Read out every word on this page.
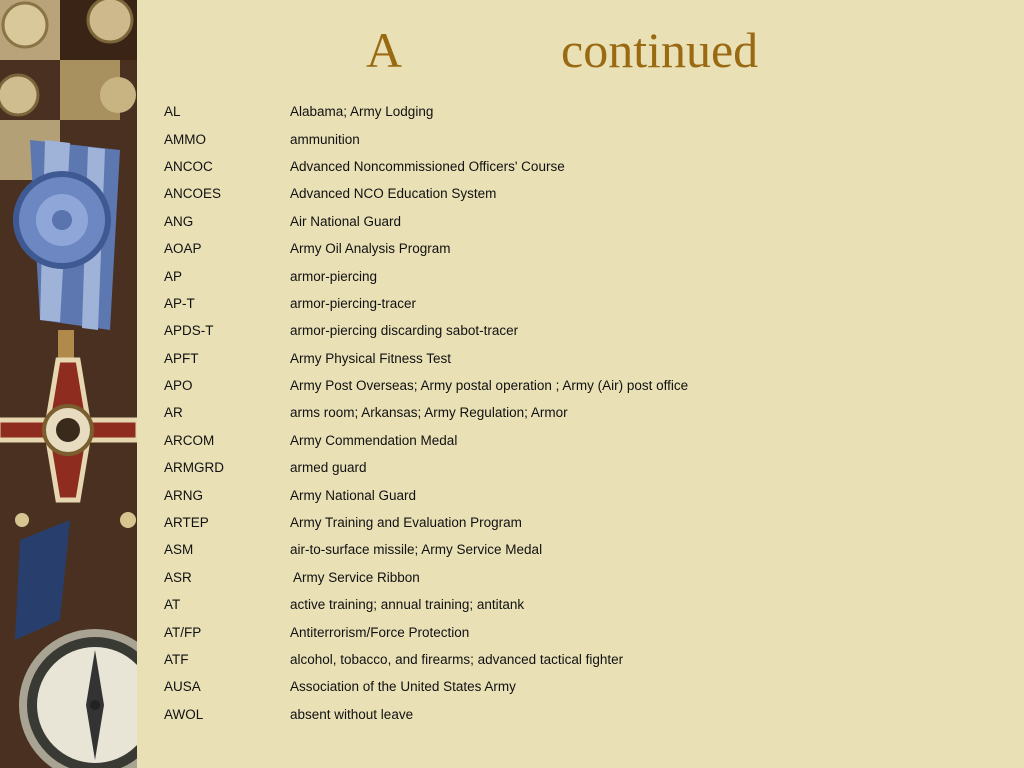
A	continued
AL	Alabama; Army Lodging
AMMO	ammunition
ANCOC	Advanced Noncommissioned Officers' Course
ANCOES	Advanced NCO Education System
ANG	Air National Guard
AOAP	Army Oil Analysis Program
AP	armor-piercing
AP-T	armor-piercing-tracer
APDS-T	armor-piercing discarding sabot-tracer
APFT	Army Physical Fitness Test
APO	Army Post Overseas; Army postal operation ; Army (Air) post office
AR	arms room; Arkansas; Army Regulation; Armor
ARCOM	Army Commendation Medal
ARMGRD	armed guard
ARNG	Army National Guard
ARTEP	Army Training and Evaluation Program
ASM	air-to-surface missile; Army Service Medal
ASR	Army Service Ribbon
AT	active training; annual training; antitank
AT/FP	Antiterrorism/Force Protection
ATF	alcohol, tobacco, and firearms; advanced tactical fighter
AUSA	Association of the United States Army
AWOL	absent without leave
